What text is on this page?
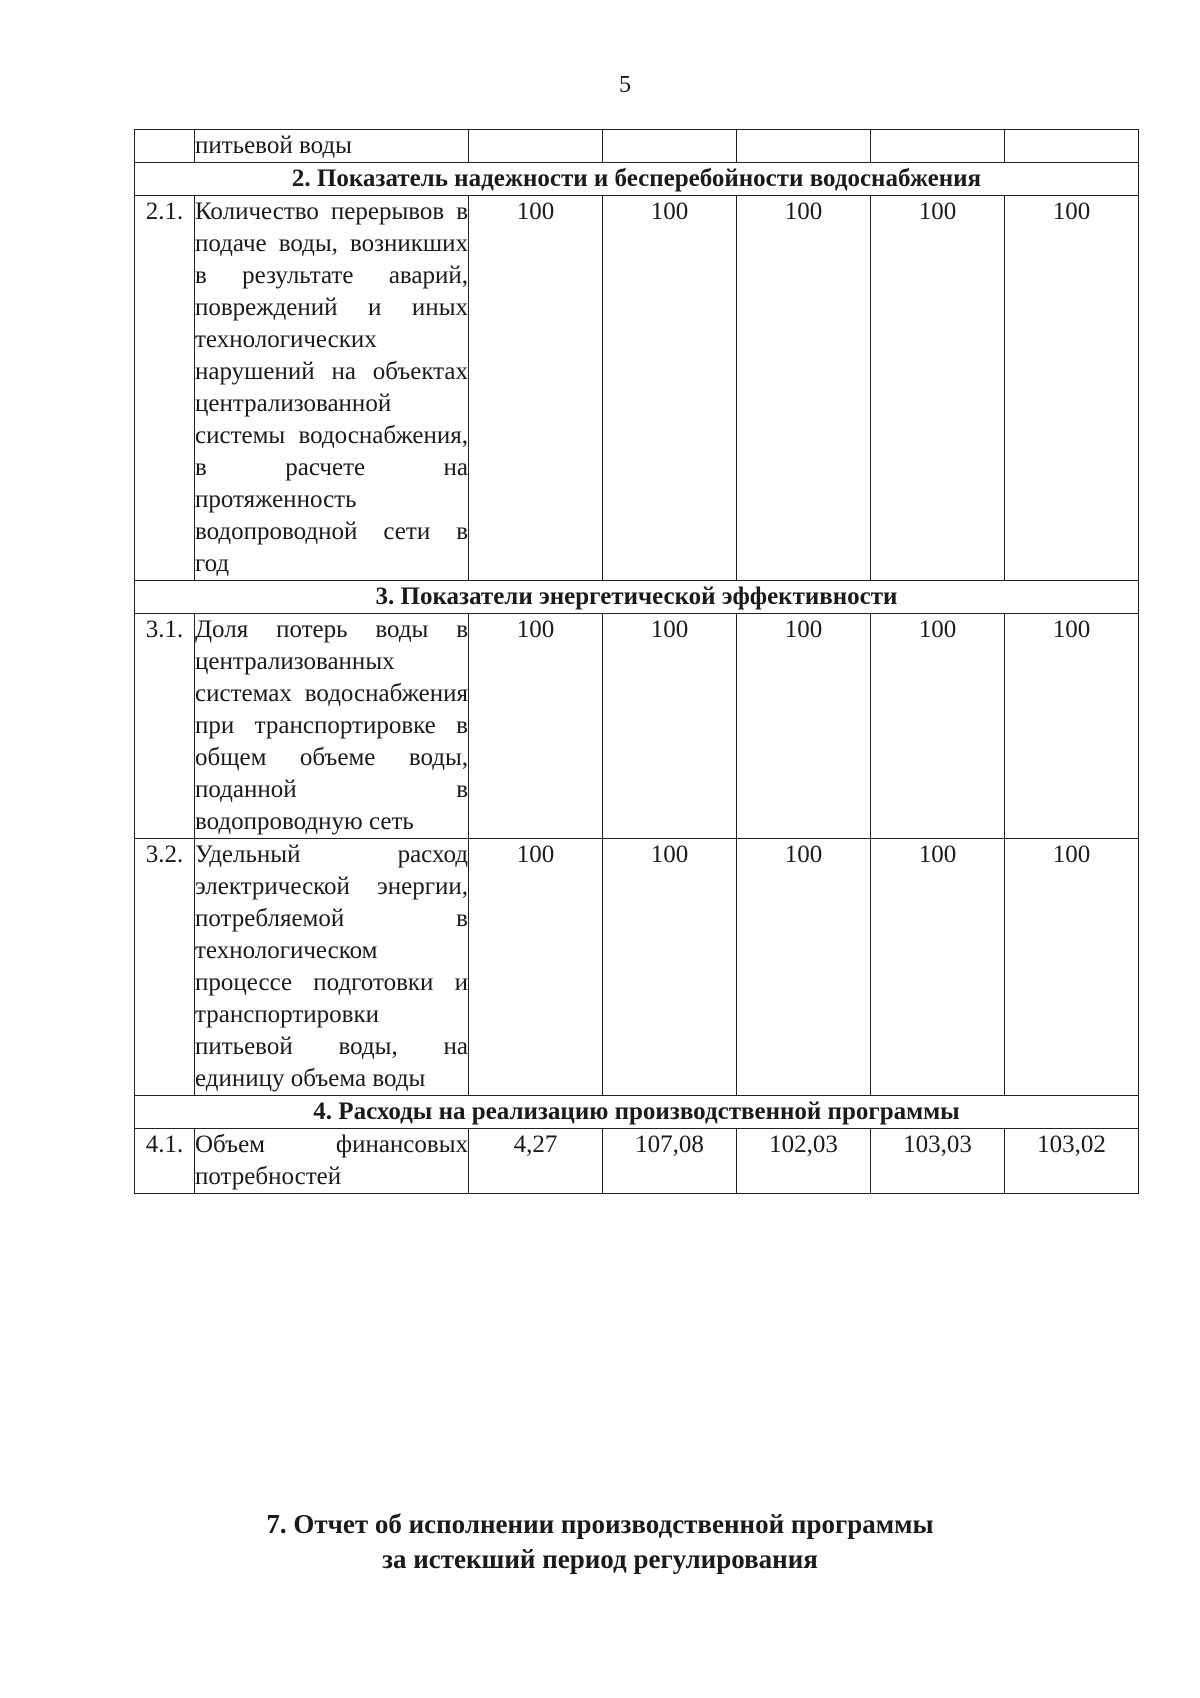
5
	питьевой воды					
2. Показатель надежности и бесперебойности водоснабжения						
2.1.	Количество перерывов в подаче воды, возникших в результате аварий, повреждений и иных технологических нарушений на объектах централизованной системы водоснабжения, в расчете на протяженность водопроводной сети в год	100	100	100	100	100
3. Показатели энергетической эффективности						
3.1.	Доля потерь воды в централизованных системах водоснабжения при транспортировке в общем объеме воды, поданной в водопроводную сеть	100	100	100	100	100
3.2.	Удельный расход электрической энергии, потребляемой в технологическом процессе подготовки и транспортировки питьевой воды, на единицу объема воды	100	100	100	100	100
4. Расходы на реализацию производственной программы						
4.1.	Объем финансовых потребностей	4,27	107,08	102,03	103,03	103,02
7. Отчет об исполнении производственной программы
за истекший период регулирования
